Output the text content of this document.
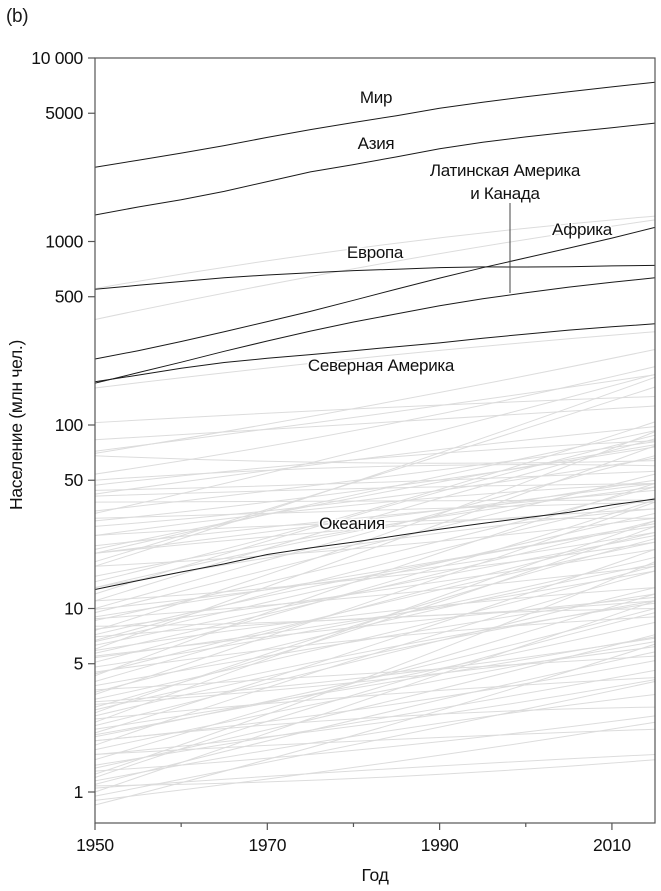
(b)
Мир
Азия
Латинская Америка и Канада
Африка
Европа
Северная Америка
Океания
1
5
10
50
100
500
1000
5000
10 000
1950	1970	1990	2010
Год
Население (млн чел.)
